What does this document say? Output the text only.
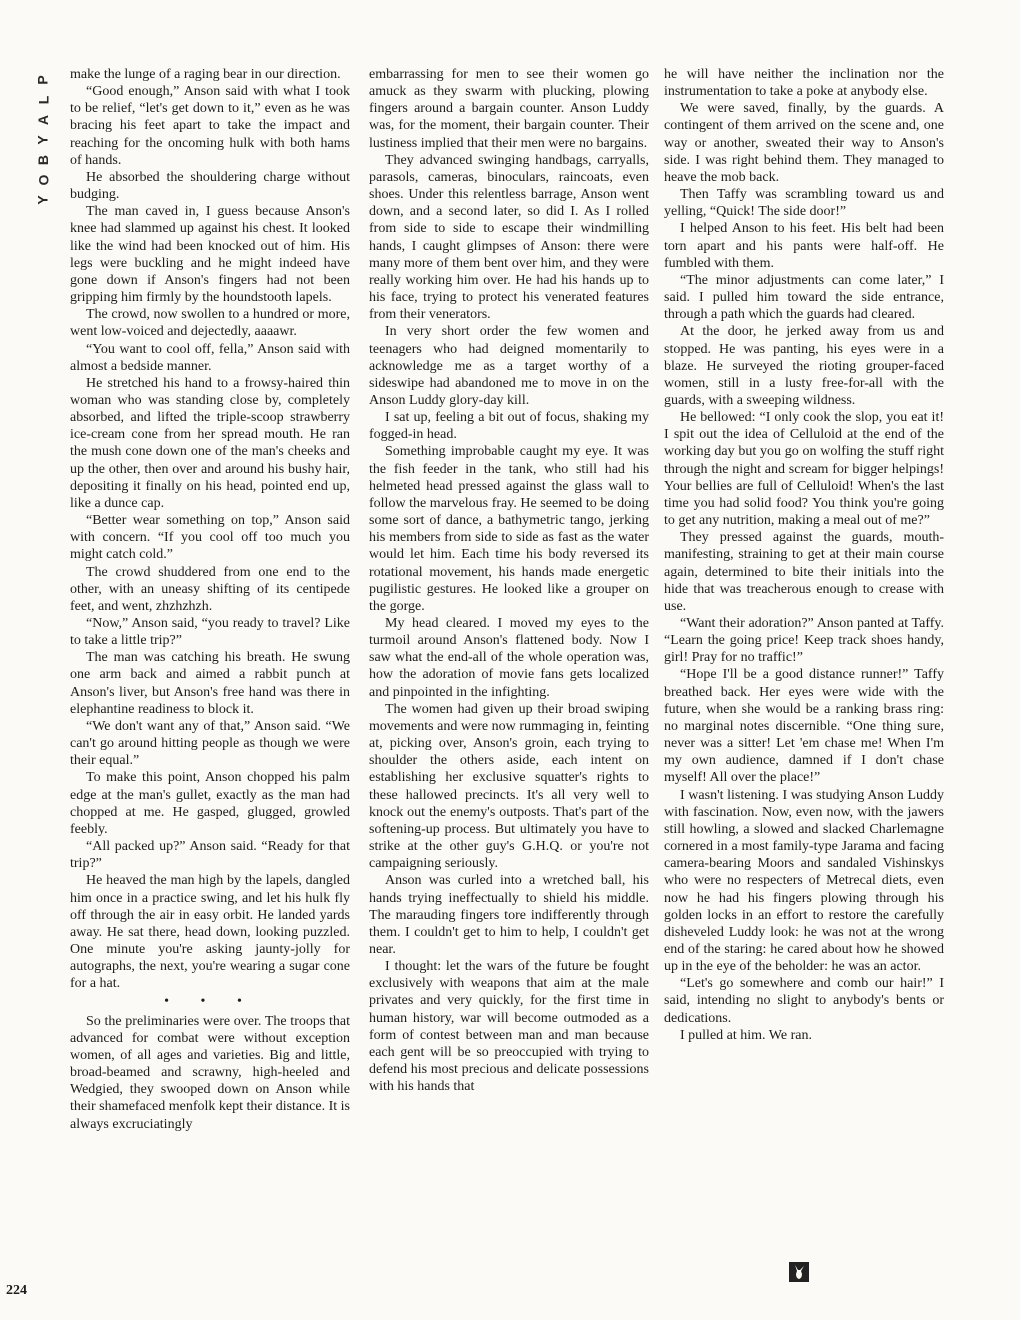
P
L
A
Y
B
O
Y

make the lunge of a raging bear in our direction.

“Good enough,” Anson said with what I took to be relief, “let's get down to it,” even as he was bracing his feet apart to take the impact and reaching for the oncoming hulk with both hams of hands.

He absorbed the shouldering charge without budging.

The man caved in, I guess because Anson's knee had slammed up against his chest. It looked like the wind had been knocked out of him. His legs were buckling and he might indeed have gone down if Anson's fingers had not been gripping him firmly by the houndstooth lapels.

The crowd, now swollen to a hundred or more, went low-voiced and dejectedly, aaaawr.

“You want to cool off, fella,” Anson said with almost a bedside manner.

He stretched his hand to a frowsy-haired thin woman who was standing close by, completely absorbed, and lifted the triple-scoop strawberry ice-cream cone from her spread mouth. He ran the mush cone down one of the man's cheeks and up the other, then over and around his bushy hair, depositing it finally on his head, pointed end up, like a dunce cap.

“Better wear something on top,” Anson said with concern. “If you cool off too much you might catch cold.”

The crowd shuddered from one end to the other, with an uneasy shifting of its centipede feet, and went, zhzhzhzh.

“Now,” Anson said, “you ready to travel? Like to take a little trip?”

The man was catching his breath. He swung one arm back and aimed a rabbit punch at Anson's liver, but Anson's free hand was there in elephantine readiness to block it.

“We don't want any of that,” Anson said. “We can't go around hitting people as though we were their equal.”

To make this point, Anson chopped his palm edge at the man's gullet, exactly as the man had chopped at me. He gasped, glugged, growled feebly.

“All packed up?” Anson said. “Ready for that trip?”

He heaved the man high by the lapels, dangled him once in a practice swing, and let his hulk fly off through the air in easy orbit. He landed yards away. He sat there, head down, looking puzzled. One minute you're asking jaunty-jolly for autographs, the next, you're wearing a sugar cone for a hat.

• • •

So the preliminaries were over. The troops that advanced for combat were without exception women, of all ages and varieties. Big and little, broad-beamed and scrawny, high-heeled and Wedgied, they swooped down on Anson while their shamefaced menfolk kept their distance. It is always excruciatingly

embarrassing for men to see their women go amuck as they swarm with plucking, plowing fingers around a bargain counter. Anson Luddy was, for the moment, their bargain counter. Their lustiness implied that their men were no bargains.

They advanced swinging handbags, carryalls, parasols, cameras, binoculars, raincoats, even shoes. Under this relentless barrage, Anson went down, and a second later, so did I. As I rolled from side to side to escape their windmilling hands, I caught glimpses of Anson: there were many more of them bent over him, and they were really working him over. He had his hands up to his face, trying to protect his venerated features from their venerators.

In very short order the few women and teenagers who had deigned momentarily to acknowledge me as a target worthy of a sideswipe had abandoned me to move in on the Anson Luddy glory-day kill.

I sat up, feeling a bit out of focus, shaking my fogged-in head.

Something improbable caught my eye. It was the fish feeder in the tank, who still had his helmeted head pressed against the glass wall to follow the marvelous fray. He seemed to be doing some sort of dance, a bathymetric tango, jerking his members from side to side as fast as the water would let him. Each time his body reversed its rotational movement, his hands made energetic pugilistic gestures. He looked like a grouper on the gorge.

My head cleared. I moved my eyes to the turmoil around Anson's flattened body. Now I saw what the end-all of the whole operation was, how the adoration of movie fans gets localized and pinpointed in the infighting.

The women had given up their broad swiping movements and were now rummaging in, feinting at, picking over, Anson's groin, each trying to shoulder the others aside, each intent on establishing her exclusive squatter's rights to these hallowed precincts. It's all very well to knock out the enemy's outposts. That's part of the softening-up process. But ultimately you have to strike at the other guy's G.H.Q. or you're not campaigning seriously.

Anson was curled into a wretched ball, his hands trying ineffectually to shield his middle. The marauding fingers tore indifferently through them. I couldn't get to him to help, I couldn't get near.

I thought: let the wars of the future be fought exclusively with weapons that aim at the male privates and very quickly, for the first time in human history, war will become outmoded as a form of contest between man and man because each gent will be so preoccupied with trying to defend his most precious and delicate possessions with his hands that

he will have neither the inclination nor the instrumentation to take a poke at anybody else.

We were saved, finally, by the guards. A contingent of them arrived on the scene and, one way or another, sweated their way to Anson's side. I was right behind them. They managed to heave the mob back.

Then Taffy was scrambling toward us and yelling, “Quick! The side door!”

I helped Anson to his feet. His belt had been torn apart and his pants were half-off. He fumbled with them.

“The minor adjustments can come later,” I said. I pulled him toward the side entrance, through a path which the guards had cleared.

At the door, he jerked away from us and stopped. He was panting, his eyes were in a blaze. He surveyed the rioting grouper-faced women, still in a lusty free-for-all with the guards, with a sweeping wildness.

He bellowed: “I only cook the slop, you eat it! I spit out the idea of Celluloid at the end of the working day but you go on wolfing the stuff right through the night and scream for bigger helpings! Your bellies are full of Celluloid! When's the last time you had solid food? You think you're going to get any nutrition, making a meal out of me?”

They pressed against the guards, mouth-manifesting, straining to get at their main course again, determined to bite their initials into the hide that was treacherous enough to crease with use.

“Want their adoration?” Anson panted at Taffy. “Learn the going price! Keep track shoes handy, girl! Pray for no traffic!”

“Hope I'll be a good distance runner!” Taffy breathed back. Her eyes were wide with the future, when she would be a ranking brass ring: no marginal notes discernible. “One thing sure, never was a sitter! Let 'em chase me! When I'm my own audience, damned if I don't chase myself! All over the place!”

I wasn't listening. I was studying Anson Luddy with fascination. Now, even now, with the jawers still howling, a slowed and slacked Charlemagne cornered in a most family-type Jarama and facing camera-bearing Moors and sandaled Vishinskys who were no respecters of Metrecal diets, even now he had his fingers plowing through his golden locks in an effort to restore the carefully disheveled Luddy look: he was not at the wrong end of the staring: he cared about how he showed up in the eye of the beholder: he was an actor.

“Let's go somewhere and comb our hair!” I said, intending no slight to anybody's bents or dedications.

I pulled at him. We ran.

224
